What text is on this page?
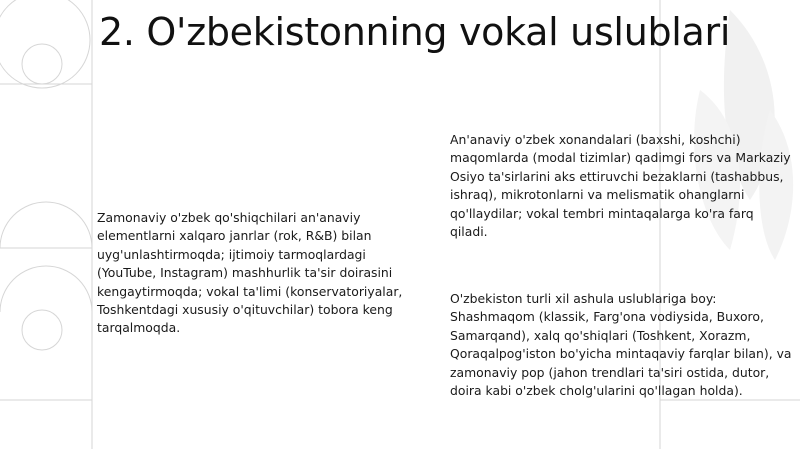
2. O'zbekistonning vokal uslublari

Zamonaviy o'zbek qo'shiqchilari an'anaviy elementlarni xalqaro janrlar (rok, R&B) bilan uyg'unlashtirmoqda; ijtimoiy tarmoqlardagi (YouTube, Instagram) mashhurlik ta'sir doirasini kengaytirmoqda; vokal ta'limi (konservatoriyalar, Toshkentdagi xususiy o'qituvchilar) tobora keng tarqalmoqda.

An'anaviy o'zbek xonandalari (baxshi, koshchi) maqomlarda (modal tizimlar) qadimgi fors va Markaziy Osiyo ta'sirlarini aks ettiruvchi bezaklarni (tashabbus, ishraq), mikrotonlarni va melismatik ohanglarni qo'llaydilar; vokal tembri mintaqalarga ko'ra farq qiladi.

O'zbekiston turli xil ashula uslublariga boy: Shashmaqom (klassik, Farg'ona vodiysida, Buxoro, Samarqand), xalq qo'shiqlari (Toshkent, Xorazm, Qoraqalpog'iston bo'yicha mintaqaviy farqlar bilan), va zamonaviy pop (jahon trendlari ta'siri ostida, dutor, doira kabi o'zbek cholg'ularini qo'llagan holda).
